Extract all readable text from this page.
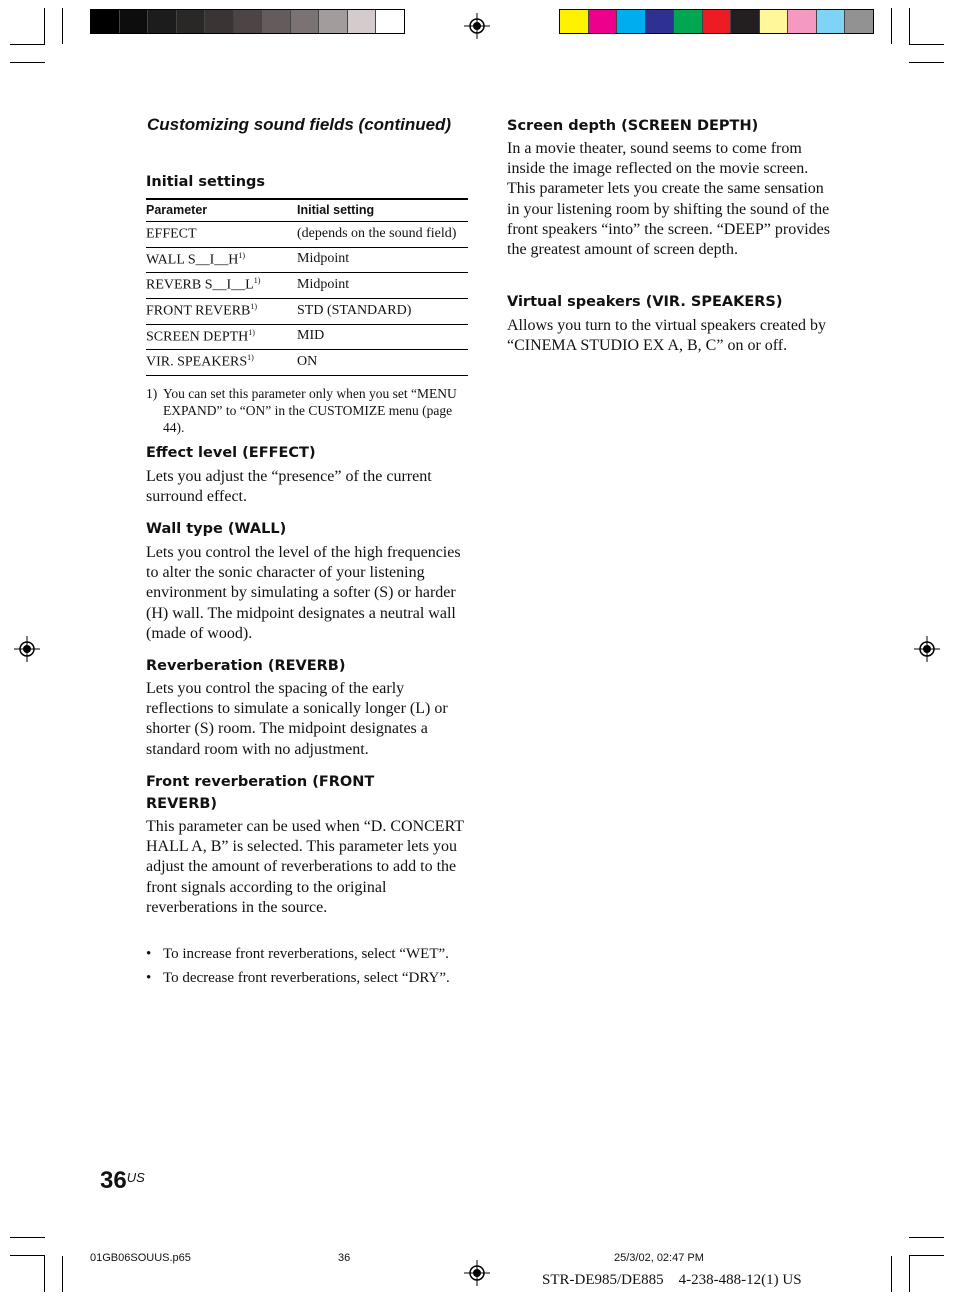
Customizing sound fields (continued)
Initial settings
Parameter	Initial setting
EFFECT	(depends on the sound field)
WALL $S\_\_I\_\_H^{1)}$	Midpoint
REVERB $S\_\_I\_\_L^{1)}$	Midpoint
FRONT REVERB$^{1)}$	STD (STANDARD)
SCREEN DEPTH$^{1)}$	MID
VIR. SPEAKERS$^{1)}$	ON
1) You can set this parameter only when you set “MENU EXPAND” to “ON” in the CUSTOMIZE menu (page 44).
Effect level (EFFECT)
Lets you adjust the “presence” of the current surround effect.
Wall type (WALL)
Lets you control the level of the high frequencies to alter the sonic character of your listening environment by simulating a softer (S) or harder (H) wall. The midpoint designates a neutral wall (made of wood).
Reverberation (REVERB)
Lets you control the spacing of the early reflections to simulate a sonically longer (L) or shorter (S) room. The midpoint designates a standard room with no adjustment.
Front reverberation (FRONT
REVERB)
This parameter can be used when “D. CONCERT HALL A, B” is selected. This parameter lets you adjust the amount of reverberations to add to the front signals according to the original reverberations in the source.
• To increase front reverberations, select “WET”.
• To decrease front reverberations, select “DRY”.
Screen depth (SCREEN DEPTH)
In a movie theater, sound seems to come from inside the image reflected on the movie screen. This parameter lets you create the same sensation in your listening room by shifting the sound of the front speakers “into” the screen. “DEEP” provides the greatest amount of screen depth.
Virtual speakers (VIR. SPEAKERS)
Allows you turn to the virtual speakers created by “CINEMA STUDIO EX A, B, C” on or off.
$36^{US}$
01GB06SOUUS.p65	36	25/3/02, 02:47 PM
STR-DE985/DE885    4-238-488-12(1) US
